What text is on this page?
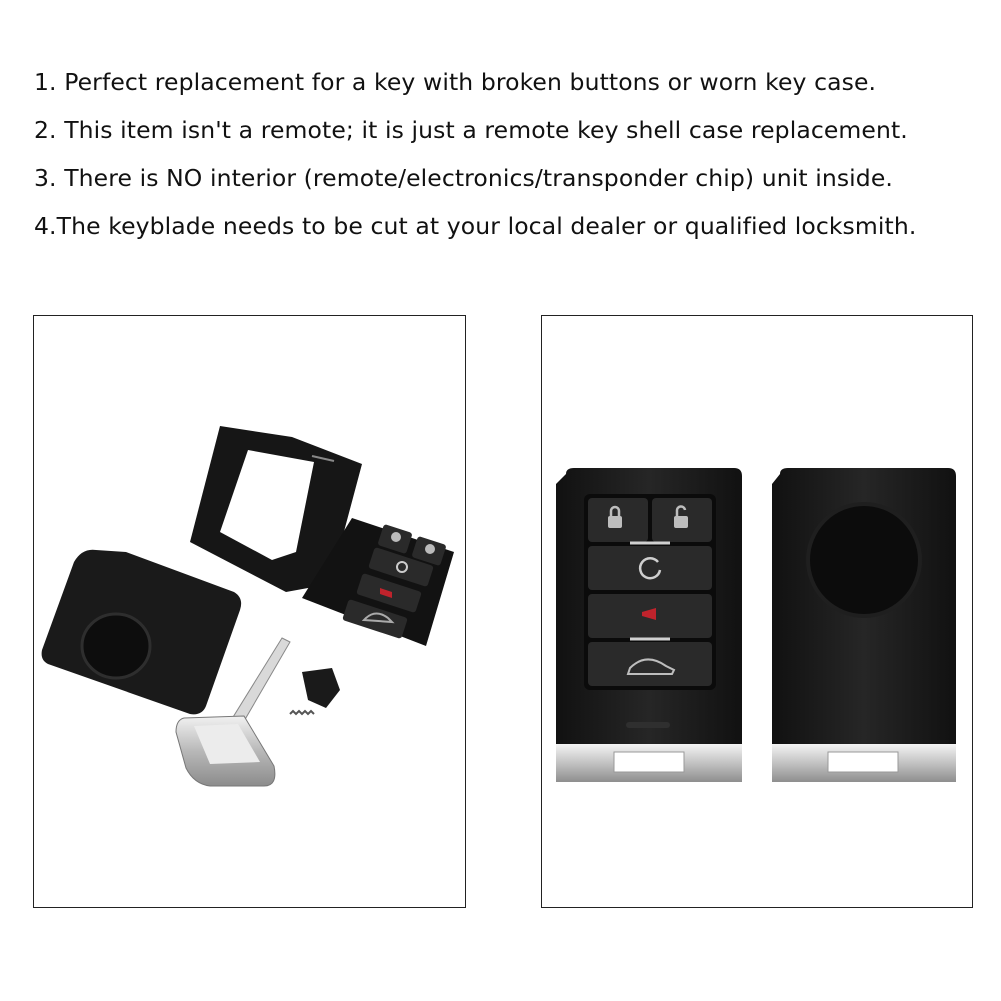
1. Perfect replacement for a key with broken buttons or worn key case.
2. This item isn't a remote; it is just a remote key shell case replacement.
3. There is NO interior (remote/electronics/transponder chip) unit inside.
4.The keyblade needs to be cut at your local dealer or qualified locksmith.
